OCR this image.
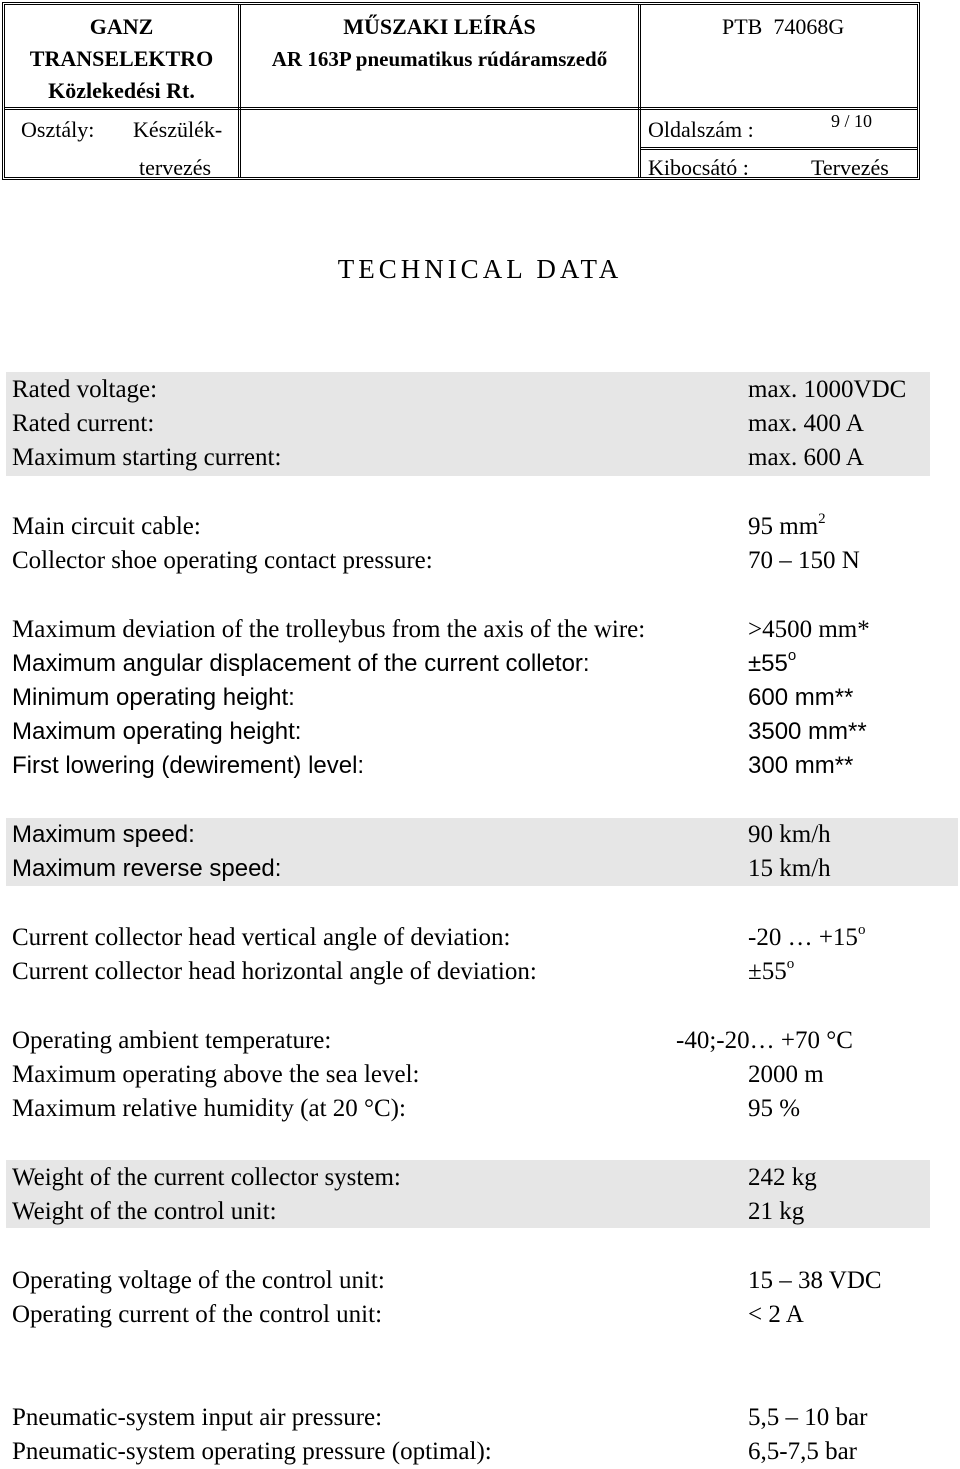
GANZ
TRANSELEKTRO
Közlekedési Rt.
MŰSZAKI LEÍRÁS
AR 163P pneumatikus rúdáramszedő
PTB  74068G
Osztály: Készülék-
tervezés
Oldalszám :	9 / 10
Kibocsátó :	Tervezés
TECHNICAL DATA
Rated voltage:	max. 1000VDC
Rated current:	max. 400 A
Maximum starting current:	max. 600 A
Main circuit cable:	95 $mm^2$
Collector shoe operating contact pressure:	70 – 150 N
Maximum deviation of the trolleybus from the axis of the wire:	>4500 mm*
Maximum angular displacement of the current colletor:	$\pm 55^o$
Minimum operating height:	600 mm**
Maximum operating height:	3500 mm**
First lowering (dewirement) level:	300 mm**
Maximum speed:	90 km/h
Maximum reverse speed:	15 km/h
Current collector head vertical angle of deviation:	-20 … $+15^o$
Current collector head horizontal angle of deviation:	$\pm 55^o$
Operating ambient temperature:	-40;-20… +70 °C
Maximum operating above the sea level:	2000 m
Maximum relative humidity (at 20 °C):	95 %
Weight of the current collector system:	242 kg
Weight of the control unit:	21 kg
Operating voltage of the control unit:	15 – 38 VDC
Operating current of the control unit:	< 2 A
Pneumatic-system input air pressure:	5,5 – 10 bar
Pneumatic-system operating pressure (optimal):	6,5-7,5 bar
